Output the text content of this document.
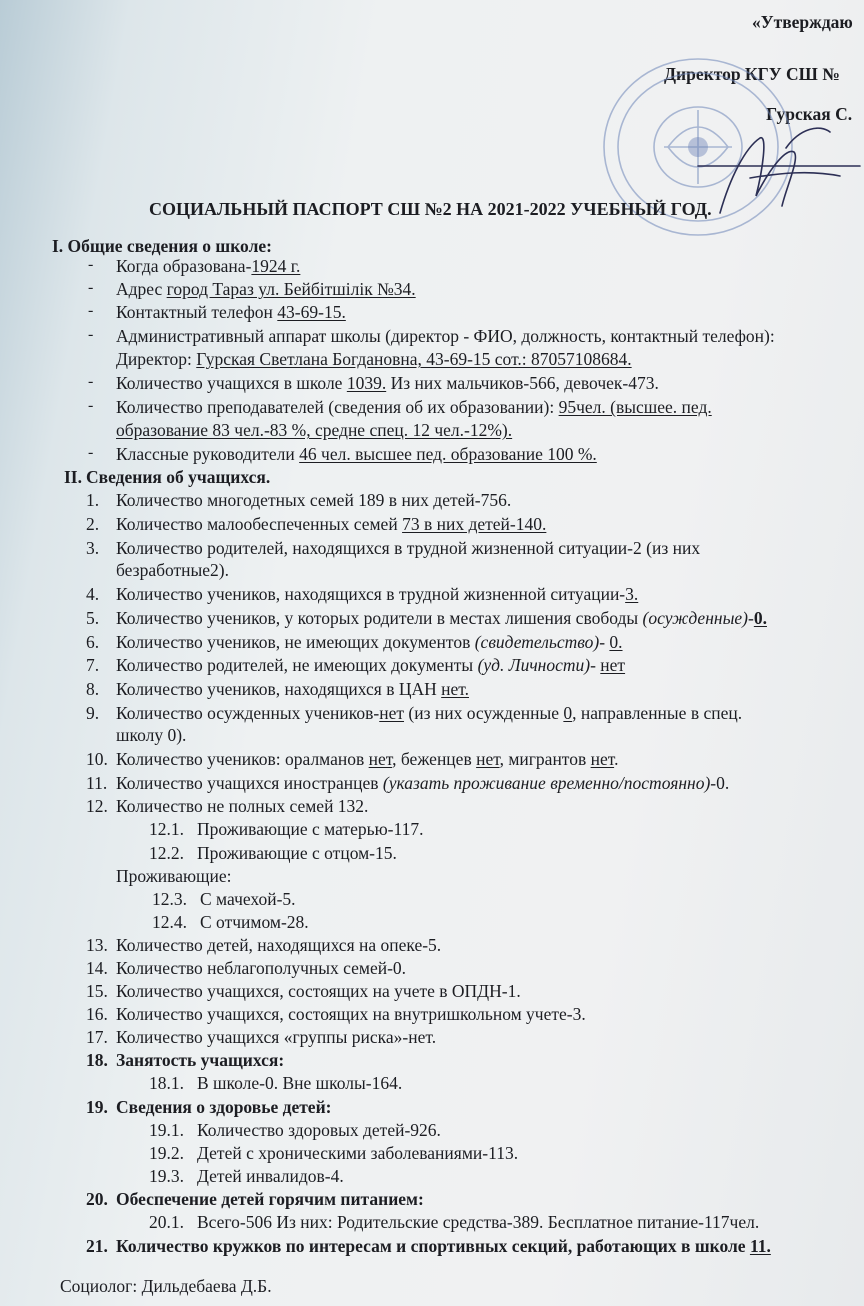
«Утверждаю
Директор КГУ СШ №
Гурская С.
СОЦИАЛЬНЫЙ ПАСПОРТ СШ №2 НА 2021-2022 УЧЕБНЫЙ ГОД.
I. Общие сведения о школе:
- Когда образована-1924 г.
- Адрес город Тараз ул. Бейбітшілік №34.
- Контактный телефон 43-69-15.
- Административный аппарат школы (директор - ФИО, должность, контактный телефон):
Директор: Гурская Светлана Богдановна, 43-69-15 сот.: 87057108684.
- Количество учащихся в школе 1039. Из них мальчиков-566, девочек-473.
- Количество преподавателей (сведения об их образовании): 95чел. (высшее. пед.
образование 83 чел.-83 %, средне спец. 12 чел.-12%).
- Классные руководители 46 чел. высшее пед. образование 100 %.
II. Сведения об учащихся.
1. Количество многодетных семей 189 в них детей-756.
2. Количество малообеспеченных семей 73 в них детей-140.
3. Количество родителей, находящихся в трудной жизненной ситуации-2 (из них
безработные2).
4. Количество учеников, находящихся в трудной жизненной ситуации-3.
5. Количество учеников, у которых родители в местах лишения свободы (осужденные)-0.
6. Количество учеников, не имеющих документов (свидетельство)- 0.
7. Количество родителей, не имеющих документы (уд. Личности)- нет
8. Количество учеников, находящихся в ЦАН нет.
9. Количество осужденных учеников-нет (из них осужденные 0, направленные в спец.
школу 0).
10. Количество учеников: оралманов нет, беженцев нет, мигрантов нет.
11. Количество учащихся иностранцев (указать проживание временно/постоянно)-0.
12. Количество не полных семей 132.
12.1. Проживающие с матерью-117.
12.2. Проживающие с отцом-15.
Проживающие:
12.3. С мачехой-5.
12.4. С отчимом-28.
13. Количество детей, находящихся на опеке-5.
14. Количество неблагополучных семей-0.
15. Количество учащихся, состоящих на учете в ОПДН-1.
16. Количество учащихся, состоящих на внутришкольном учете-3.
17. Количество учащихся «группы риска»-нет.
18. Занятость учащихся:
18.1. В школе-0. Вне школы-164.
19. Сведения о здоровье детей:
19.1. Количество здоровых детей-926.
19.2. Детей с хроническими заболеваниями-113.
19.3. Детей инвалидов-4.
20. Обеспечение детей горячим питанием:
20.1. Всего-506 Из них: Родительские средства-389. Бесплатное питание-117чел.
21. Количество кружков по интересам и спортивных секций, работающих в школе 11.
Социолог: Дильдебаева Д.Б.
